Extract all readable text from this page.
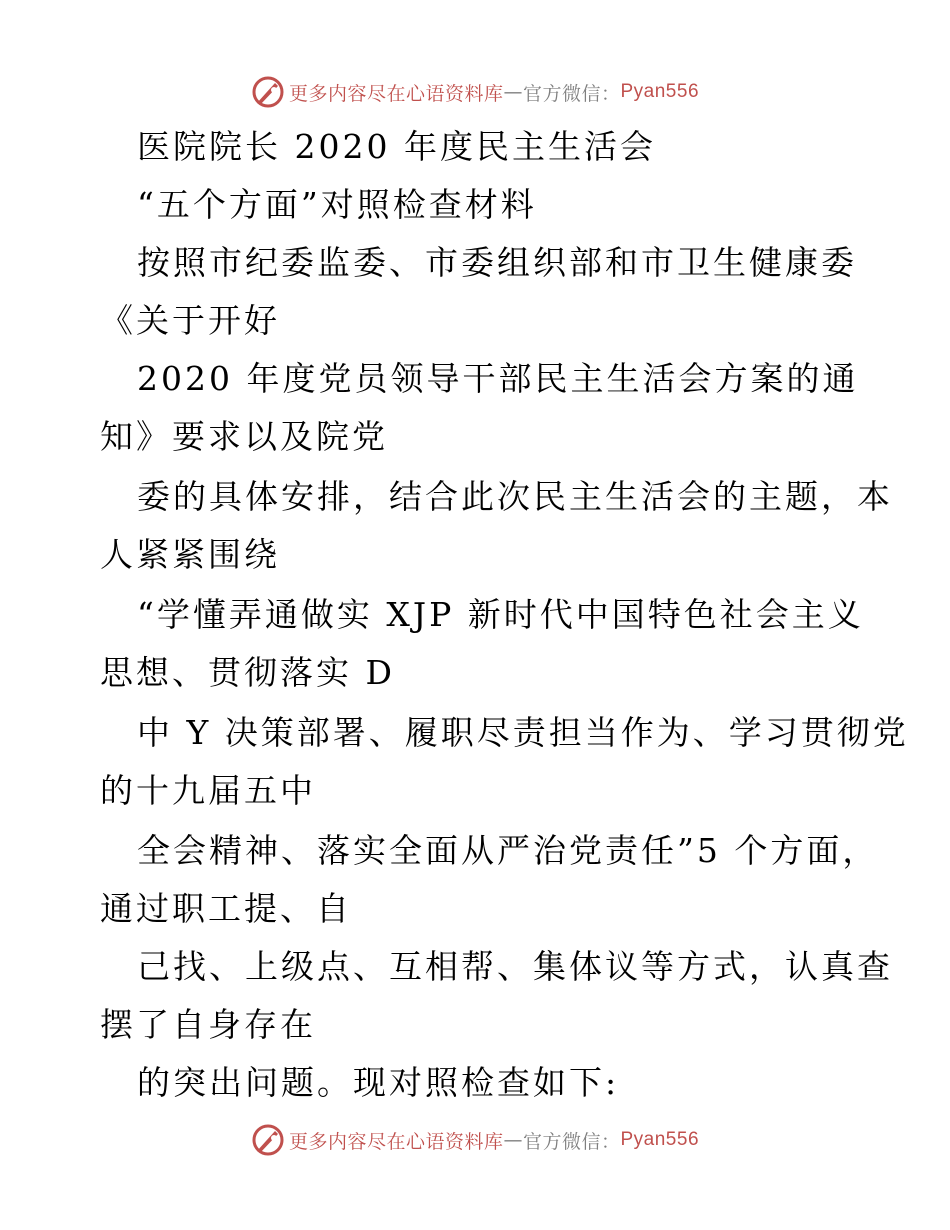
更多内容尽在心语资料库 — 官方微信： Pyan556
医院院长 2020 年度民主生活会
“五个方面”对照检查材料
按照市纪委监委、市委组织部和市卫生健康委
《关于开好
2020 年度党员领导干部民主生活会方案的通
知》要求以及院党
委的具体安排，结合此次民主生活会的主题，本
人紧紧围绕
“学懂弄通做实 XJP 新时代中国特色社会主义
思想、贯彻落实 D
中 Y 决策部署、履职尽责担当作为、学习贯彻党
的十九届五中
全会精神、落实全面从严治党责任”5 个方面，
通过职工提、自
己找、上级点、互相帮、集体议等方式，认真查
摆了自身存在
的突出问题。现对照检查如下:
更多内容尽在心语资料库 — 官方微信： Pyan556
